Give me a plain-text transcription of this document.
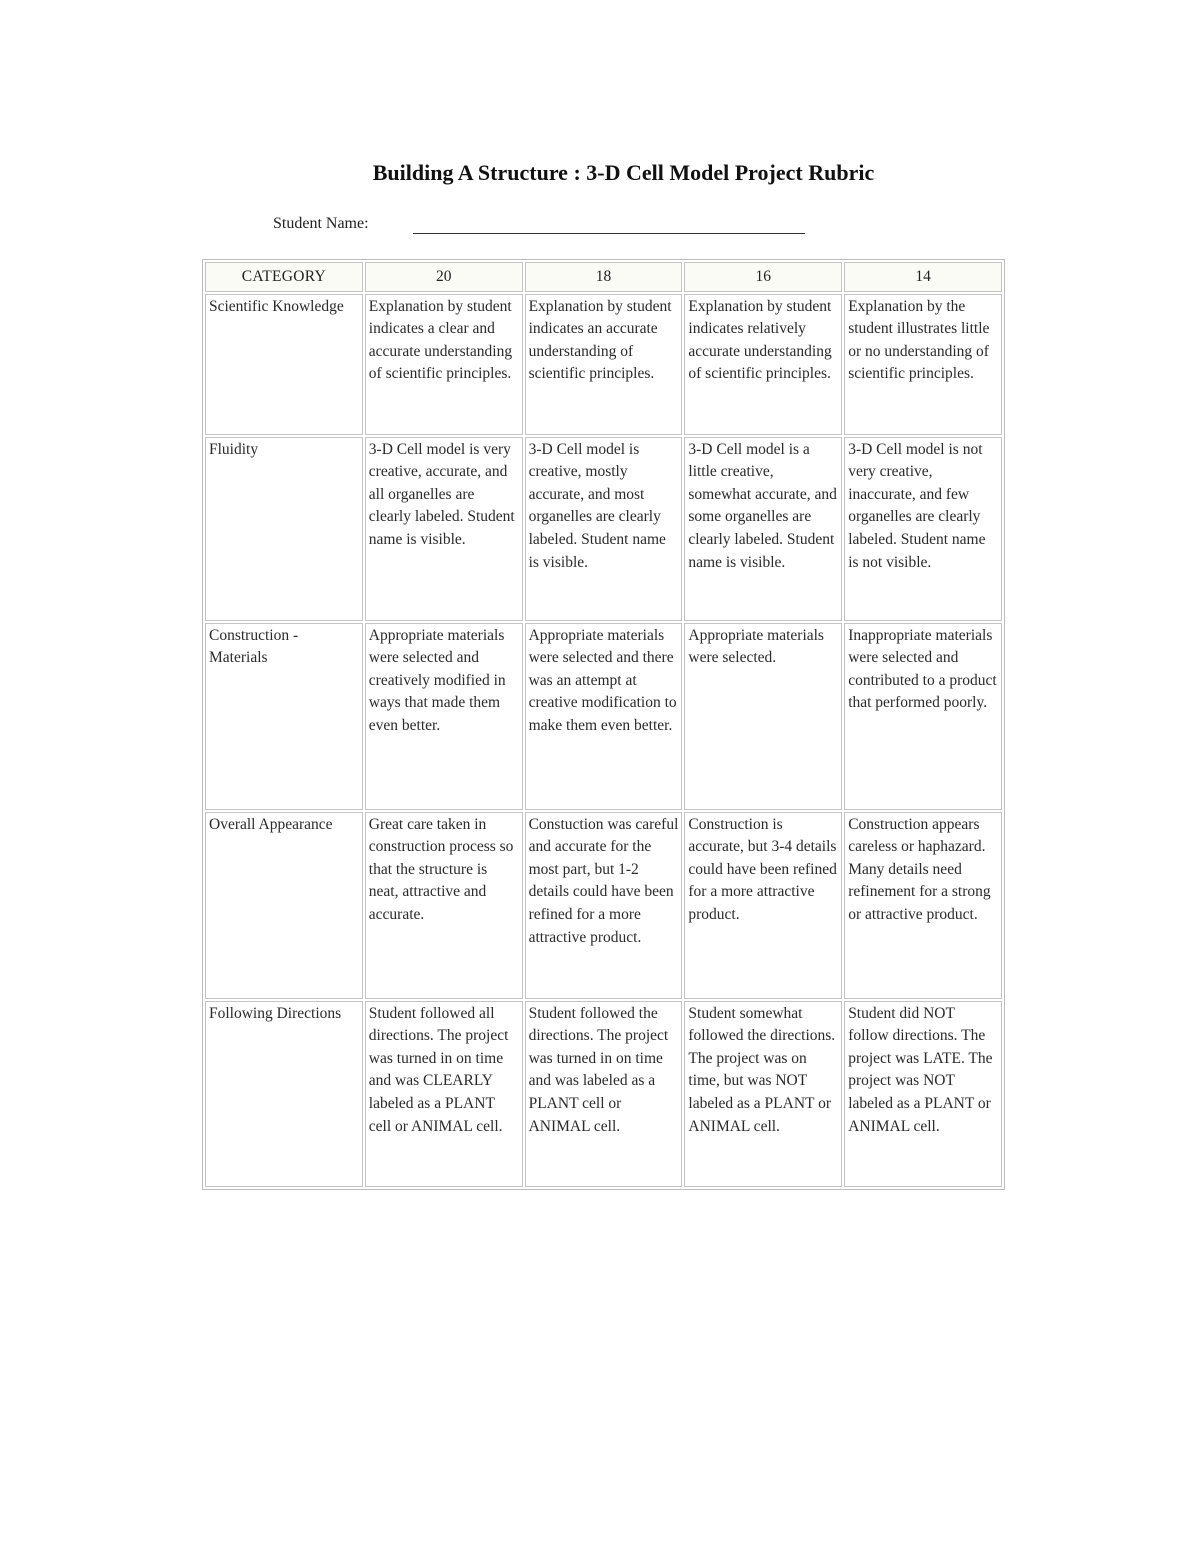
Building A Structure : 3-D Cell Model Project Rubric
Student Name:
CATEGORY	20	18	16	14
Scientific Knowledge	Explanation by student indicates a clear and accurate understanding of scientific principles.	Explanation by student indicates an accurate understanding of scientific principles.	Explanation by student indicates relatively accurate understanding of scientific principles.	Explanation by the student illustrates little or no understanding of scientific principles.
Fluidity	3-D Cell model is very creative, accurate, and all organelles are clearly labeled. Student name is visible.	3-D Cell model is creative, mostly accurate, and most organelles are clearly labeled. Student name is visible.	3-D Cell model is a little creative, somewhat accurate, and some organelles are clearly labeled. Student name is visible.	3-D Cell model is not very creative, inaccurate, and few organelles are clearly labeled. Student name is not visible.
Construction - Materials	Appropriate materials were selected and creatively modified in ways that made them even better.	Appropriate materials were selected and there was an attempt at creative modification to make them even better.	Appropriate materials were selected.	Inappropriate materials were selected and contributed to a product that performed poorly.
Overall Appearance	Great care taken in construction process so that the structure is neat, attractive and accurate.	Constuction was careful and accurate for the most part, but 1-2 details could have been refined for a more attractive product.	Construction is accurate, but 3-4 details could have been refined for a more attractive product.	Construction appears careless or haphazard. Many details need refinement for a strong or attractive product.
Following Directions	Student followed all directions. The project was turned in on time and was CLEARLY labeled as a PLANT cell or ANIMAL cell.	Student followed the directions. The project was turned in on time and was labeled as a PLANT cell or ANIMAL cell.	Student somewhat followed the directions. The project was on time, but was NOT labeled as a PLANT or ANIMAL cell.	Student did NOT follow directions. The project was LATE. The project was NOT labeled as a PLANT or ANIMAL cell.
